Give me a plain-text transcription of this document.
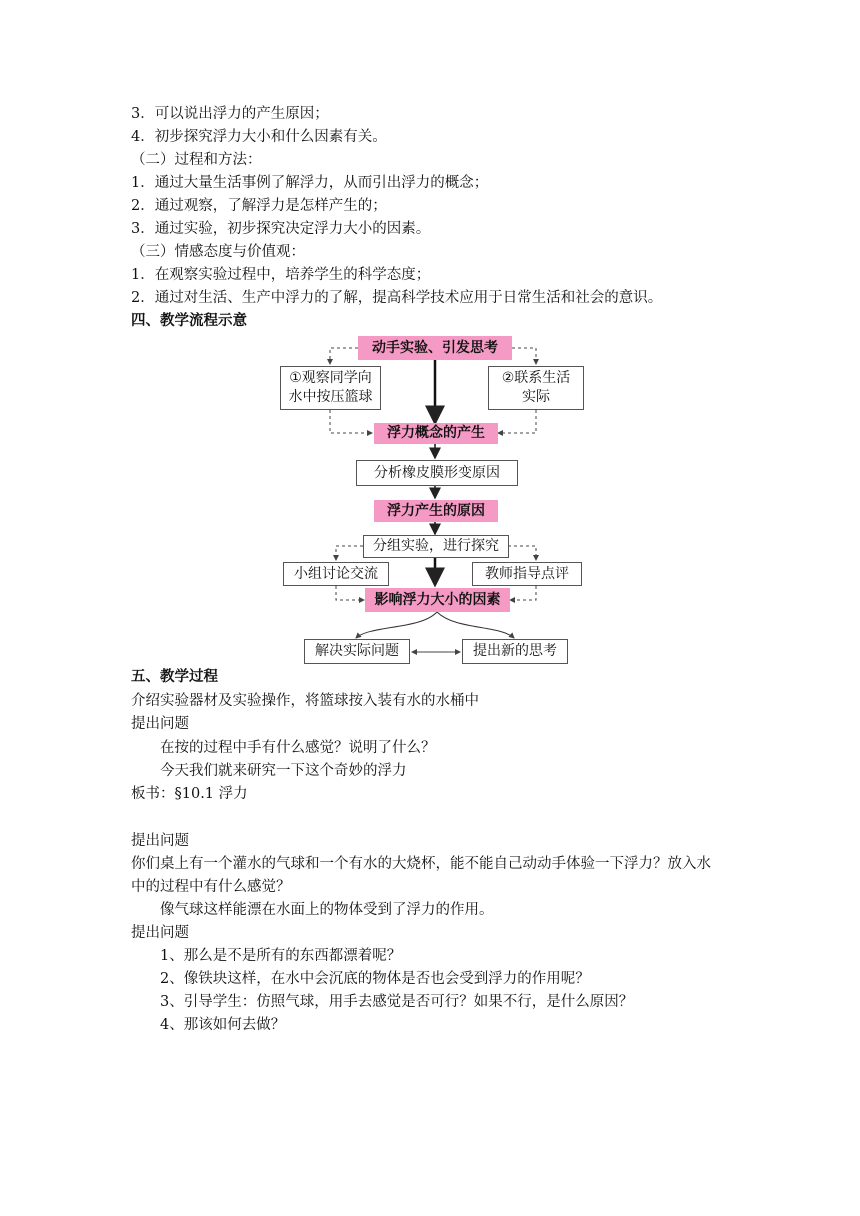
3．可以说出浮力的产生原因；
4．初步探究浮力大小和什么因素有关。
（二）过程和方法：
1．通过大量生活事例了解浮力，从而引出浮力的概念；
2．通过观察，了解浮力是怎样产生的；
3．通过实验，初步探究决定浮力大小的因素。
（三）情感态度与价值观：
1．在观察实验过程中，培养学生的科学态度；
2．通过对生活、生产中浮力的了解，提高科学技术应用于日常生活和社会的意识。
四、教学流程示意
动手实验、引发思考
①观察同学向
水中按压篮球
②联系生活
实际
浮力概念的产生
分析橡皮膜形变原因
浮力产生的原因
分组实验，进行探究
小组讨论交流	教师指导点评
影响浮力大小的因素
解决实际问题	提出新的思考
五、教学过程
介绍实验器材及实验操作，将篮球按入装有水的水桶中
提出问题
在按的过程中手有什么感觉？说明了什么？
今天我们就来研究一下这个奇妙的浮力
板书：§10.1 浮力
提出问题
你们桌上有一个灌水的气球和一个有水的大烧杯，能不能自己动动手体验一下浮力？放入水
中的过程中有什么感觉？
像气球这样能漂在水面上的物体受到了浮力的作用。
提出问题
1、那么是不是所有的东西都漂着呢？
2、像铁块这样，在水中会沉底的物体是否也会受到浮力的作用呢？
3、引导学生：仿照气球，用手去感觉是否可行？如果不行，是什么原因？
4、那该如何去做？
